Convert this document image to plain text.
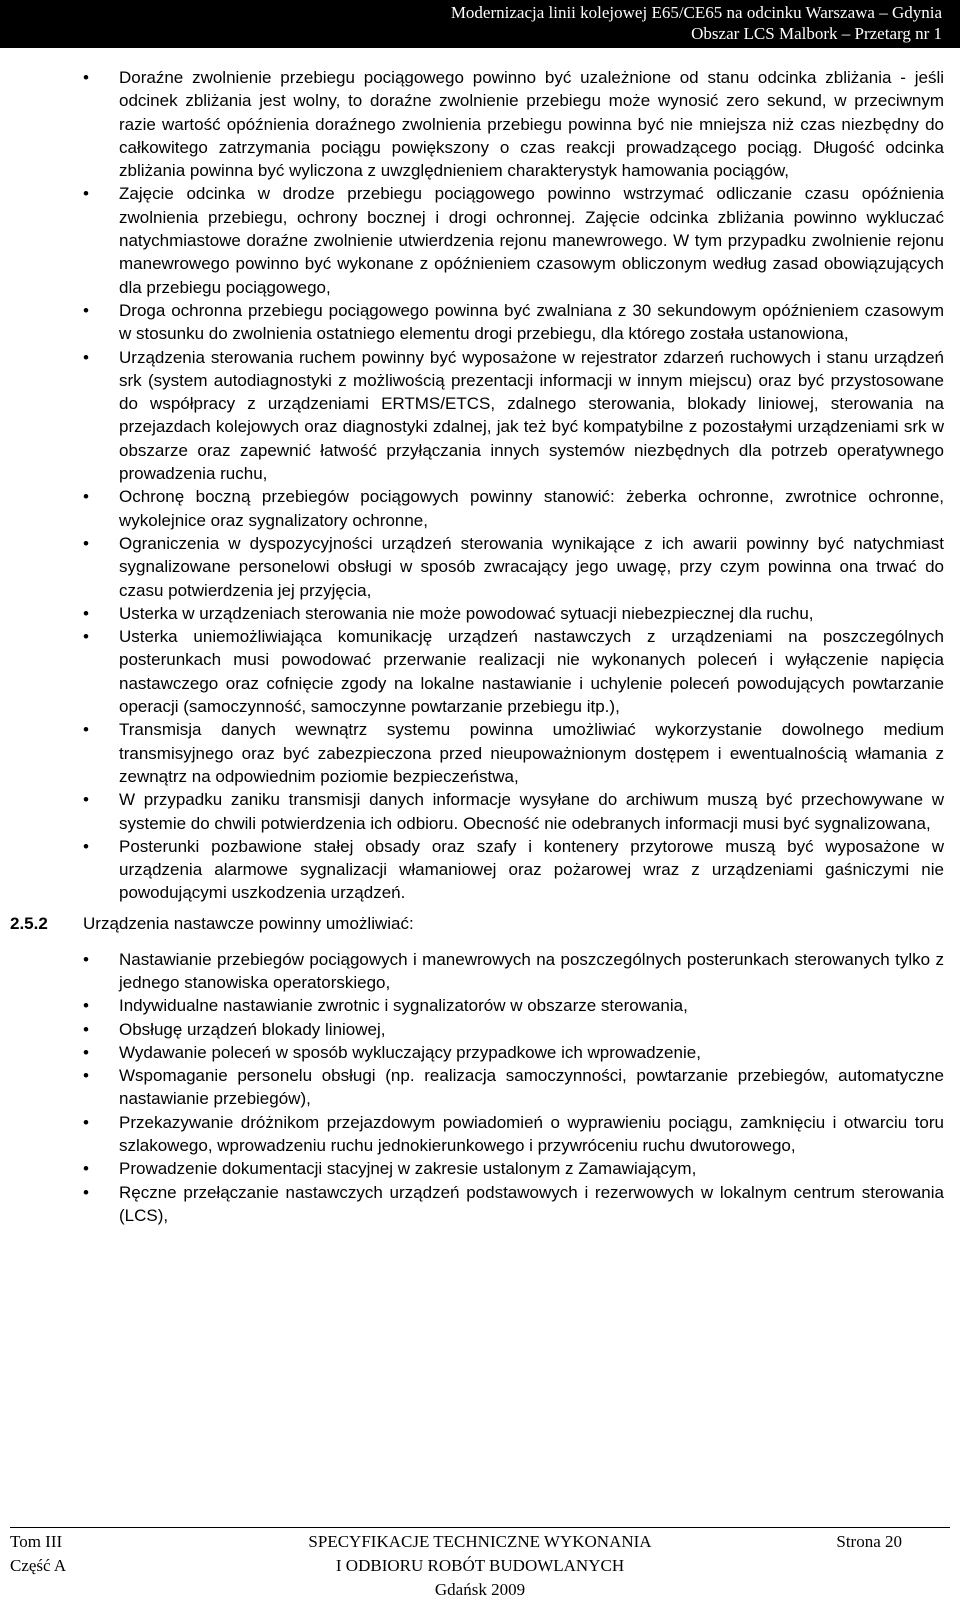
Modernizacja linii kolejowej E65/CE65 na odcinku Warszawa – Gdynia
Obszar LCS Malbork – Przetarg nr 1
• Doraźne zwolnienie przebiegu pociągowego powinno być uzależnione od stanu odcinka zbliżania - jeśli odcinek zbliżania jest wolny, to doraźne zwolnienie przebiegu może wynosić zero sekund, w przeciwnym razie wartość opóźnienia doraźnego zwolnienia przebiegu powinna być nie mniejsza niż czas niezbędny do całkowitego zatrzymania pociągu powiększony o czas reakcji prowadzącego pociąg. Długość odcinka zbliżania powinna być wyliczona z uwzględnieniem charakterystyk hamowania pociągów,
• Zajęcie odcinka w drodze przebiegu pociągowego powinno wstrzymać odliczanie czasu opóźnienia zwolnienia przebiegu, ochrony bocznej i drogi ochronnej. Zajęcie odcinka zbliżania powinno wykluczać natychmiastowe doraźne zwolnienie utwierdzenia rejonu manewrowego. W tym przypadku zwolnienie rejonu manewrowego powinno być wykonane z opóźnieniem czasowym obliczonym według zasad obowiązujących dla przebiegu pociągowego,
• Droga ochronna przebiegu pociągowego powinna być zwalniana z 30 sekundowym opóźnieniem czasowym w stosunku do zwolnienia ostatniego elementu drogi przebiegu, dla którego została ustanowiona,
• Urządzenia sterowania ruchem powinny być wyposażone w rejestrator zdarzeń ruchowych i stanu urządzeń srk (system autodiagnostyki z możliwością prezentacji informacji w innym miejscu) oraz być przystosowane do współpracy z urządzeniami ERTMS/ETCS, zdalnego sterowania, blokady liniowej, sterowania na przejazdach kolejowych oraz diagnostyki zdalnej, jak też być kompatybilne z pozostałymi urządzeniami srk w obszarze oraz zapewnić łatwość przyłączania innych systemów niezbędnych dla potrzeb operatywnego prowadzenia ruchu,
• Ochronę boczną przebiegów pociągowych powinny stanowić: żeberka ochronne, zwrotnice ochronne, wykolejnice oraz sygnalizatory ochronne,
• Ograniczenia w dyspozycyjności urządzeń sterowania wynikające z ich awarii powinny być natychmiast sygnalizowane personelowi obsługi w sposób zwracający jego uwagę, przy czym powinna ona trwać do czasu potwierdzenia jej przyjęcia,
• Usterka w urządzeniach sterowania nie może powodować sytuacji niebezpiecznej dla ruchu,
• Usterka uniemożliwiająca komunikację urządzeń nastawczych z urządzeniami na poszczególnych posterunkach musi powodować przerwanie realizacji nie wykonanych poleceń i wyłączenie napięcia nastawczego oraz cofnięcie zgody na lokalne nastawianie i uchylenie poleceń powodujących powtarzanie operacji (samoczynność, samoczynne powtarzanie przebiegu itp.),
• Transmisja danych wewnątrz systemu powinna umożliwiać wykorzystanie dowolnego medium transmisyjnego oraz być zabezpieczona przed nieupoważnionym dostępem i ewentualnością włamania z zewnątrz na odpowiednim poziomie bezpieczeństwa,
• W przypadku zaniku transmisji danych informacje wysyłane do archiwum muszą być przechowywane w systemie do chwili potwierdzenia ich odbioru. Obecność nie odebranych informacji musi być sygnalizowana,
• Posterunki pozbawione stałej obsady oraz szafy i kontenery przytorowe muszą być wyposażone w urządzenia alarmowe sygnalizacji włamaniowej oraz pożarowej wraz z urządzeniami gaśniczymi nie powodującymi uszkodzenia urządzeń.
2.5.2 Urządzenia nastawcze powinny umożliwiać:
• Nastawianie przebiegów pociągowych i manewrowych na poszczególnych posterunkach sterowanych tylko z jednego stanowiska operatorskiego,
• Indywidualne nastawianie zwrotnic i sygnalizatorów w obszarze sterowania,
• Obsługę urządzeń blokady liniowej,
• Wydawanie poleceń w sposób wykluczający przypadkowe ich wprowadzenie,
• Wspomaganie personelu obsługi (np. realizacja samoczynności, powtarzanie przebiegów, automatyczne nastawianie przebiegów),
• Przekazywanie dróżnikom przejazdowym powiadomień o wyprawieniu pociągu, zamknięciu i otwarciu toru szlakowego, wprowadzeniu ruchu jednokierunkowego i przywróceniu ruchu dwutorowego,
• Prowadzenie dokumentacji stacyjnej w zakresie ustalonym z Zamawiającym,
• Ręczne przełączanie nastawczych urządzeń podstawowych i rezerwowych w lokalnym centrum sterowania (LCS),
Tom III
Część A
SPECYFIKACJE TECHNICZNE WYKONANIA
I ODBIORU ROBÓT BUDOWLANYCH
Gdańsk 2009
Strona 20
